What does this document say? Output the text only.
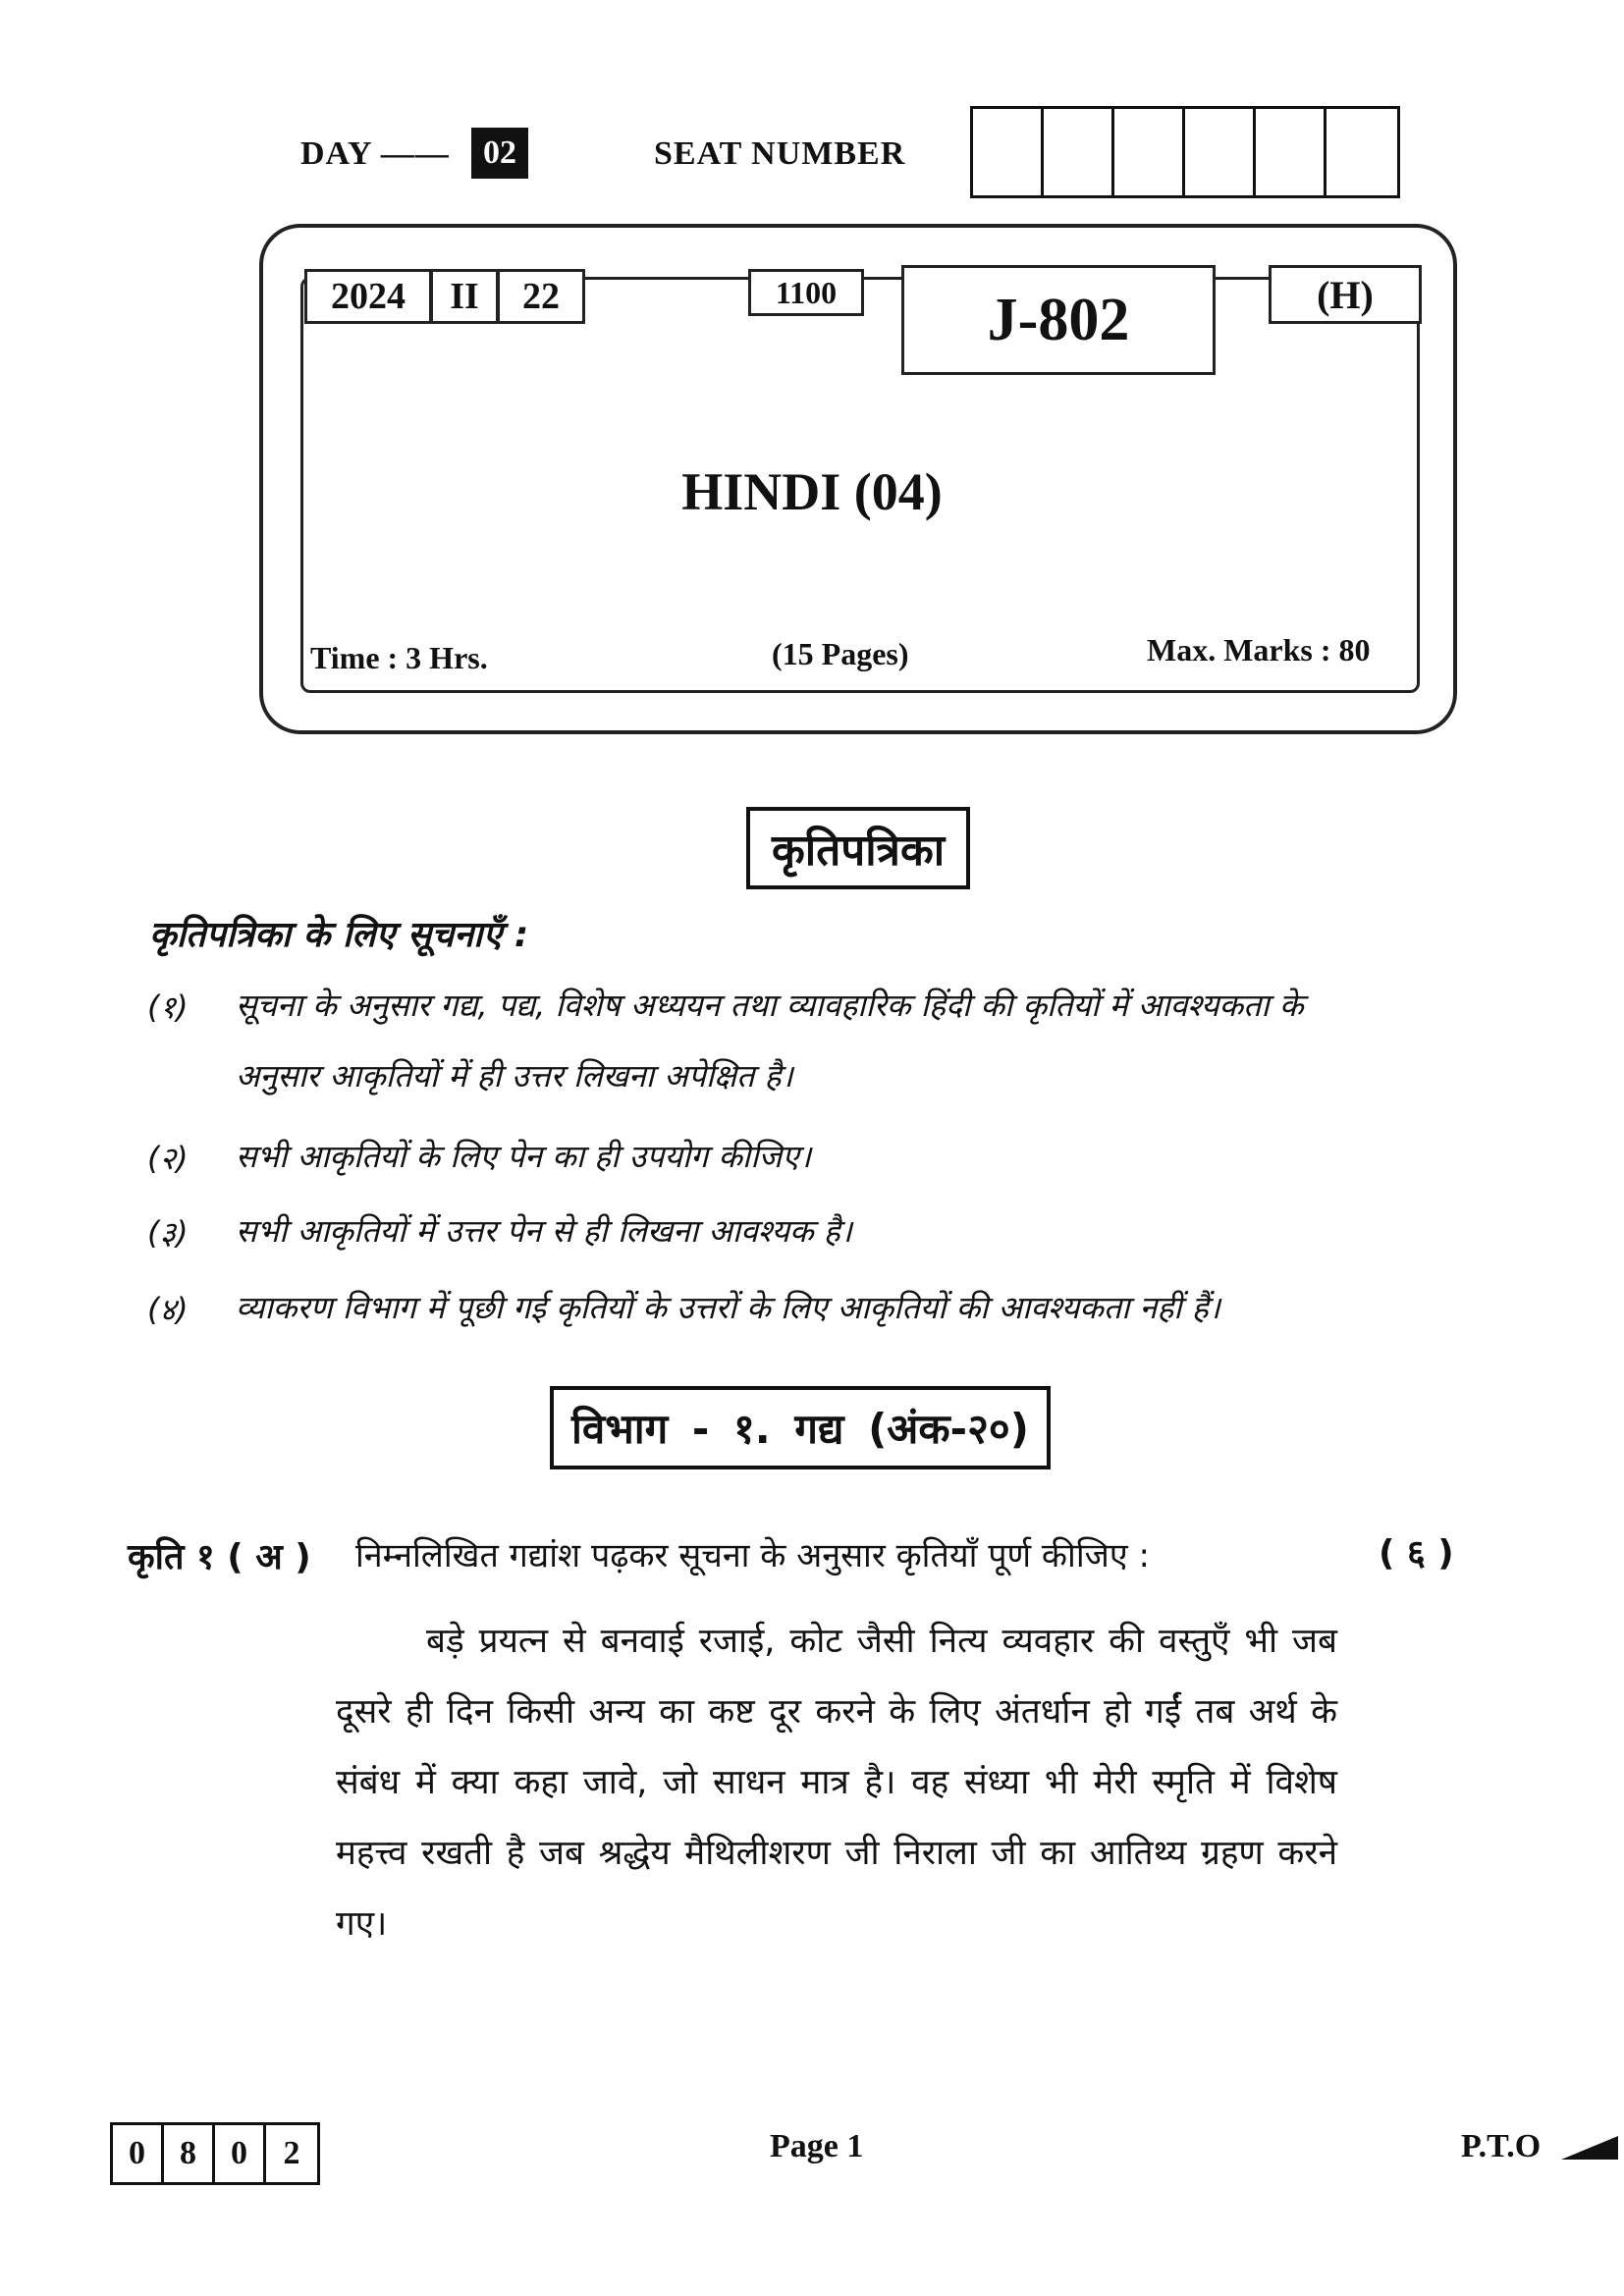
DAY ——	02	SEAT NUMBER
2024	II	22	1100	J-802	(H)
HINDI (04)
Time : 3 Hrs.	(15 Pages)	Max. Marks : 80
कृतिपत्रिका
कृतिपत्रिका के लिए सूचनाएँ :
(१) सूचना के अनुसार गद्य, पद्य, विशेष अध्ययन तथा व्यावहारिक हिंदी की कृतियों में आवश्यकता के अनुसार आकृतियों में ही उत्तर लिखना अपेक्षित है।
(२) सभी आकृतियों के लिए पेन का ही उपयोग कीजिए।
(३) सभी आकृतियों में उत्तर पेन से ही लिखना आवश्यक है।
(४) व्याकरण विभाग में पूछी गई कृतियों के उत्तरों के लिए आकृतियों की आवश्यकता नहीं हैं।
विभाग - १. गद्य (अंक-२०)
कृति १ ( अ ) निम्नलिखित गद्यांश पढ़कर सूचना के अनुसार कृतियाँ पूर्ण कीजिए :	( ६ )
बड़े प्रयत्न से बनवाई रजाई, कोट जैसी नित्य व्यवहार की वस्तुएँ भी जब दूसरे ही दिन किसी अन्य का कष्ट दूर करने के लिए अंतर्धान हो गईं तब अर्थ के संबंध में क्या कहा जावे, जो साधन मात्र है। वह संध्या भी मेरी स्मृति में विशेष महत्त्व रखती है जब श्रद्धेय मैथिलीशरण जी निराला जी का आतिथ्य ग्रहण करने गए।
0	8	0	2	Page 1	P.T.O
